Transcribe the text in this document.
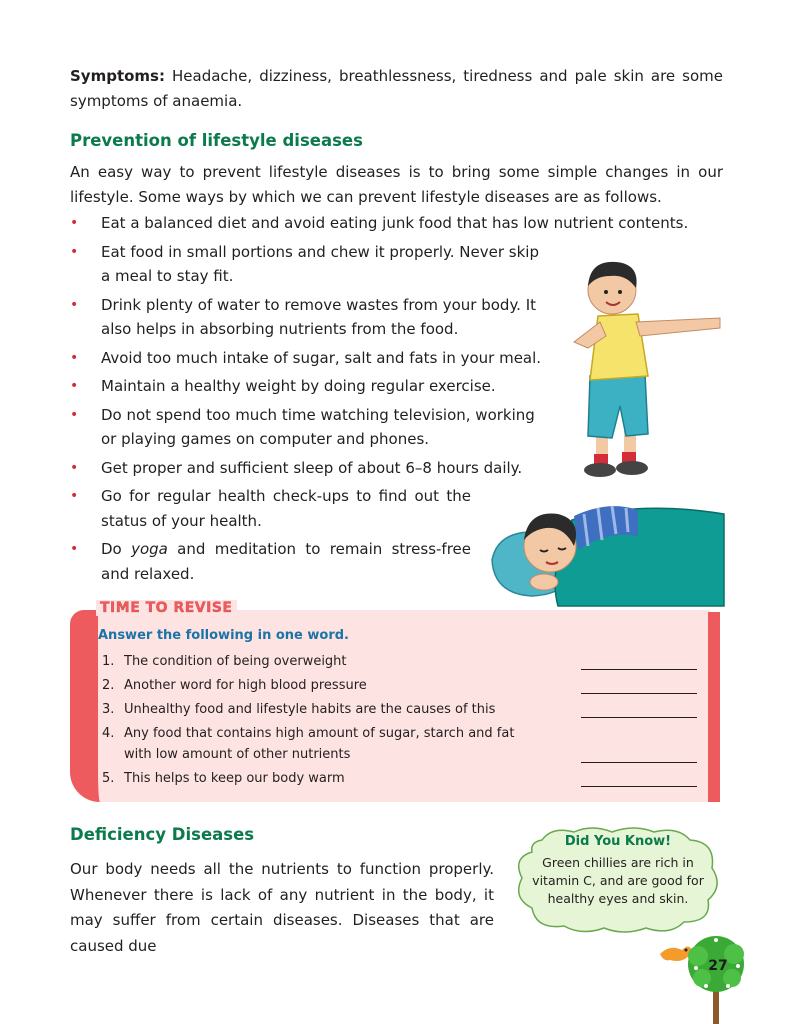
Symptoms: Headache, dizziness, breathlessness, tiredness and pale skin are some symptoms of anaemia.

Prevention of lifestyle diseases

An easy way to prevent lifestyle diseases is to bring some simple changes in our lifestyle. Some ways by which we can prevent lifestyle diseases are as follows.

• Eat a balanced diet and avoid eating junk food that has low nutrient contents.
• Eat food in small portions and chew it properly. Never skip a meal to stay fit.
• Drink plenty of water to remove wastes from your body. It also helps in absorbing nutrients from the food.
• Avoid too much intake of sugar, salt and fats in your meal.
• Maintain a healthy weight by doing regular exercise.
• Do not spend too much time watching television, working or playing games on computer and phones.
• Get proper and sufficient sleep of about 6–8 hours daily.
• Go for regular health check-ups to find out the status of your health.
• Do yoga and meditation to remain stress-free and relaxed.
TIME TO REVISE
Answer the following in one word.
1. The condition of being overweight
2. Another word for high blood pressure
3. Unhealthy food and lifestyle habits are the causes of this
4. Any food that contains high amount of sugar, starch and fat with low amount of other nutrients
5. This helps to keep our body warm
Deficiency Diseases

Our body needs all the nutrients to function properly. Whenever there is lack of any nutrient in the body, it may suffer from certain diseases. Diseases that are caused due

Did You Know!
Green chillies are rich in vitamin C, and are good for healthy eyes and skin.
27
